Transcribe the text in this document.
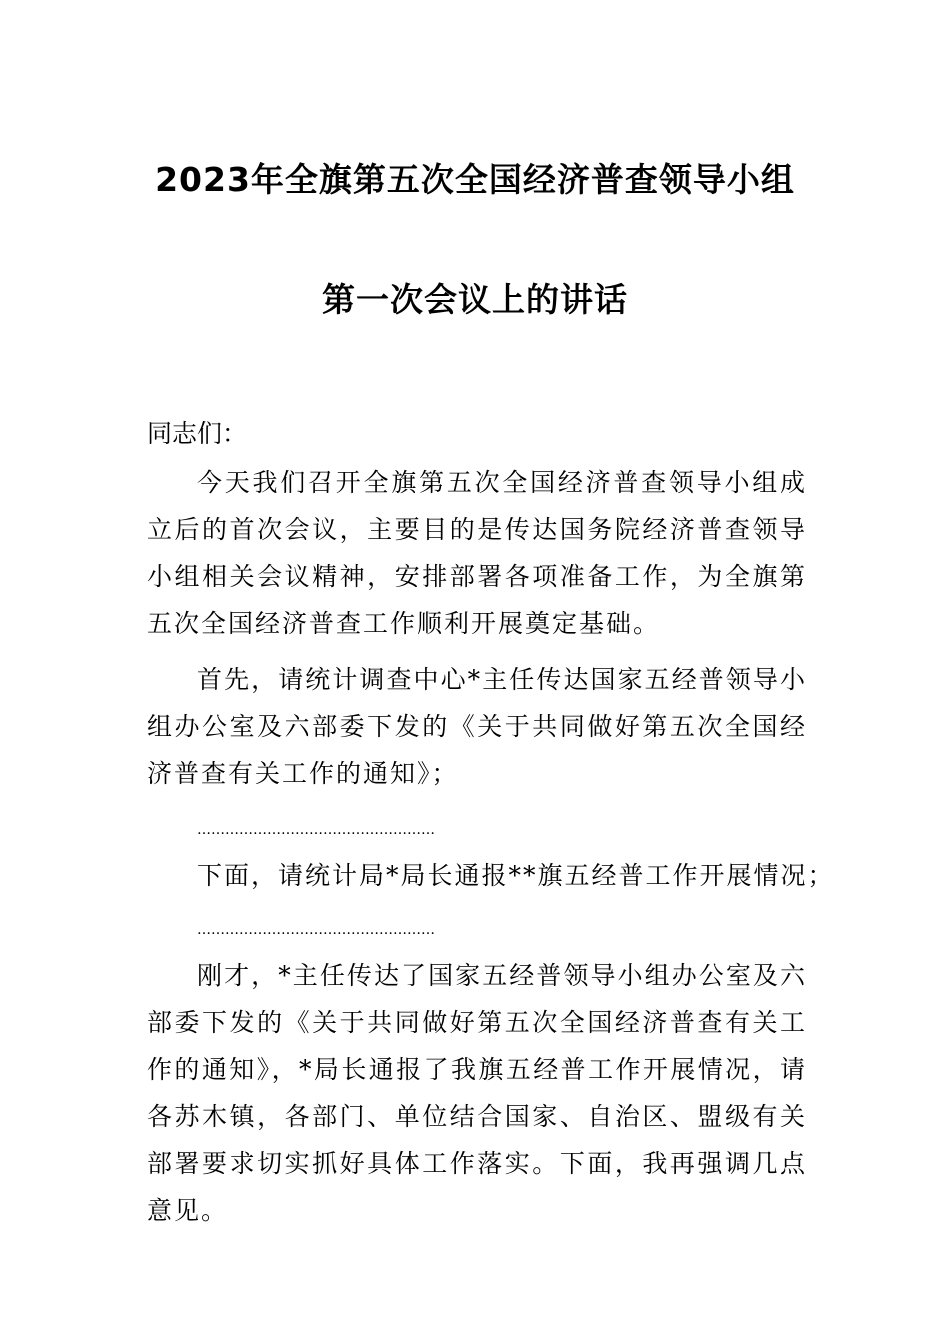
2023年全旗第五次全国经济普查领导小组
第一次会议上的讲话
同志们：
今天我们召开全旗第五次全国经济普查领导小组成立后的首次会议，主要目的是传达国务院经济普查领导小组相关会议精神，安排部署各项准备工作，为全旗第五次全国经济普查工作顺利开展奠定基础。
首先，请统计调查中心*主任传达国家五经普领导小组办公室及六部委下发的《关于共同做好第五次全国经济普查有关工作的通知》；
……………………………………………
下面，请统计局*局长通报**旗五经普工作开展情况；
……………………………………………
刚才，*主任传达了国家五经普领导小组办公室及六部委下发的《关于共同做好第五次全国经济普查有关工作的通知》，*局长通报了我旗五经普工作开展情况，请各苏木镇，各部门、单位结合国家、自治区、盟级有关部署要求切实抓好具体工作落实。下面，我再强调几点意见。
